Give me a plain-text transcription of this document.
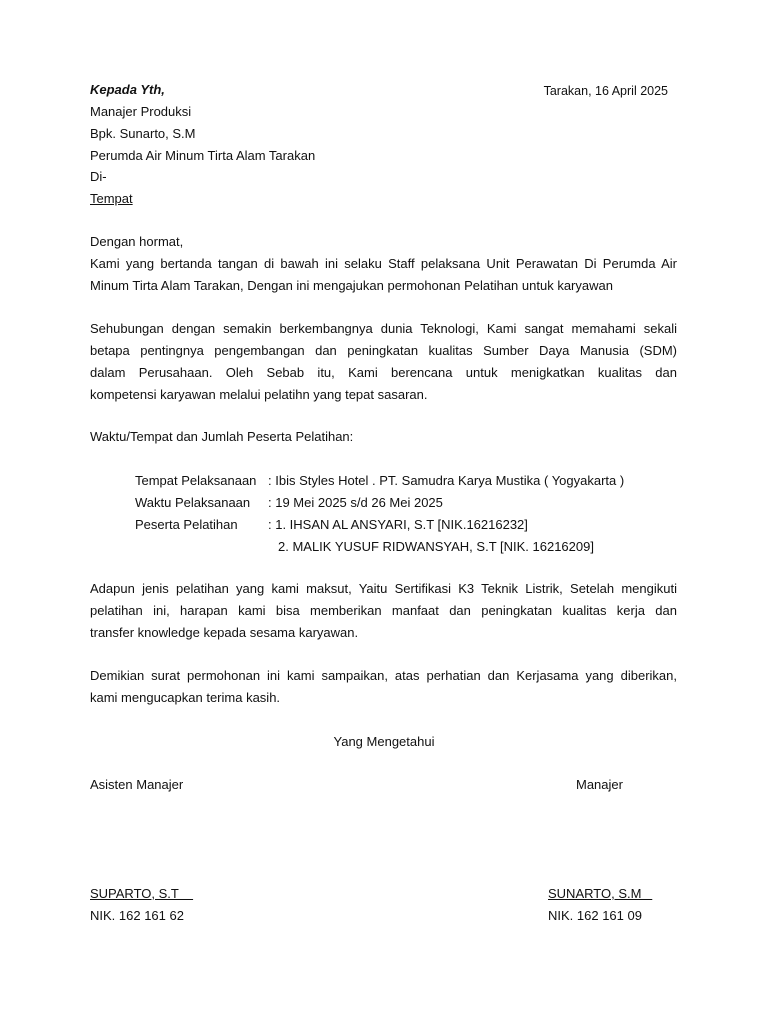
Kepada Yth,	Tarakan, 16 April 2025
Manajer Produksi
Bpk. Sunarto, S.M
Perumda Air Minum Tirta Alam Tarakan
Di-
Tempat
Dengan hormat,
Kami yang bertanda tangan di bawah ini selaku Staff pelaksana Unit Perawatan Di Perumda Air
Minum Tirta Alam Tarakan, Dengan ini mengajukan permohonan Pelatihan untuk karyawan
Sehubungan dengan semakin berkembangnya dunia Teknologi, Kami sangat memahami sekali
betapa pentingnya pengembangan dan peningkatan kualitas Sumber Daya Manusia (SDM)
dalam Perusahaan. Oleh Sebab itu, Kami berencana untuk menigkatkan kualitas dan
kompetensi karyawan melalui pelatihn yang tepat sasaran.
Waktu/Tempat dan Jumlah Peserta Pelatihan:
Tempat Pelaksanaan : Ibis Styles Hotel . PT. Samudra Karya Mustika ( Yogyakarta )
Waktu Pelaksanaan : 19 Mei 2025 s/d 26 Mei 2025
Peserta Pelatihan : 1. IHSAN AL ANSYARI, S.T [NIK.16216232]
2. MALIK YUSUF RIDWANSYAH, S.T [NIK. 16216209]
Adapun jenis pelatihan yang kami maksut, Yaitu Sertifikasi K3 Teknik Listrik, Setelah mengikuti
pelatihan ini, harapan kami bisa memberikan manfaat dan peningkatan kualitas kerja dan
transfer knowledge kepada sesama karyawan.
Demikian surat permohonan ini kami sampaikan, atas perhatian dan Kerjasama yang diberikan,
kami mengucapkan terima kasih.
Yang Mengetahui
Asisten Manajer	Manajer
SUPARTO, S.T	SUNARTO, S.M
NIK. 162 161 62	NIK. 162 161 09
